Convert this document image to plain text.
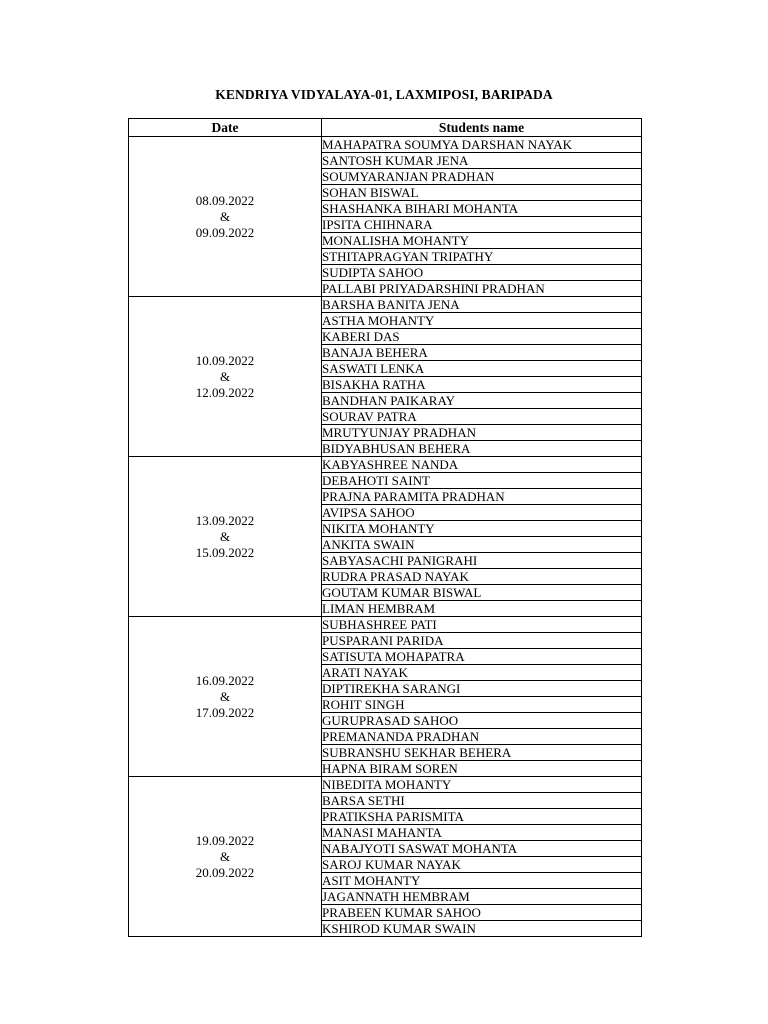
KENDRIYA VIDYALAYA-01, LAXMIPOSI, BARIPADA
Date	Students name

08.09.2022
&
09.09.2022	MAHAPATRA SOUMYA DARSHAN NAYAK
	SANTOSH KUMAR JENA
	SOUMYARANJAN PRADHAN
	SOHAN BISWAL
	SHASHANKA BIHARI MOHANTA
	IPSITA CHIHNARA
	MONALISHA MOHANTY
	STHITAPRAGYAN TRIPATHY
	SUDIPTA SAHOO
	PALLABI PRIYADARSHINI PRADHAN

10.09.2022
&
12.09.2022	BARSHA BANITA JENA
	ASTHA MOHANTY
	KABERI DAS
	BANAJA BEHERA
	SASWATI LENKA
	BISAKHA RATHA
	BANDHAN PAIKARAY
	SOURAV PATRA
	MRUTYUNJAY PRADHAN
	BIDYABHUSAN BEHERA

13.09.2022
&
15.09.2022	KABYASHREE NANDA
	DEBAHOTI SAINT
	PRAJNA PARAMITA PRADHAN
	AVIPSA SAHOO
	NIKITA MOHANTY
	ANKITA SWAIN
	SABYASACHI PANIGRAHI
	RUDRA PRASAD NAYAK
	GOUTAM KUMAR BISWAL
	LIMAN HEMBRAM

16.09.2022
&
17.09.2022	SUBHASHREE PATI
	PUSPARANI PARIDA
	SATISUTA MOHAPATRA
	ARATI NAYAK
	DIPTIREKHA SARANGI
	ROHIT SINGH
	GURUPRASAD SAHOO
	PREMANANDA PRADHAN
	SUBRANSHU SEKHAR BEHERA
	HAPNA BIRAM SOREN

19.09.2022
&
20.09.2022	NIBEDITA MOHANTY
	BARSA SETHI
	PRATIKSHA PARISMITA
	MANASI MAHANTA
	NABAJYOTI SASWAT MOHANTA
	SAROJ KUMAR NAYAK
	ASIT MOHANTY
	JAGANNATH HEMBRAM
	PRABEEN KUMAR SAHOO
	KSHIROD KUMAR SWAIN
